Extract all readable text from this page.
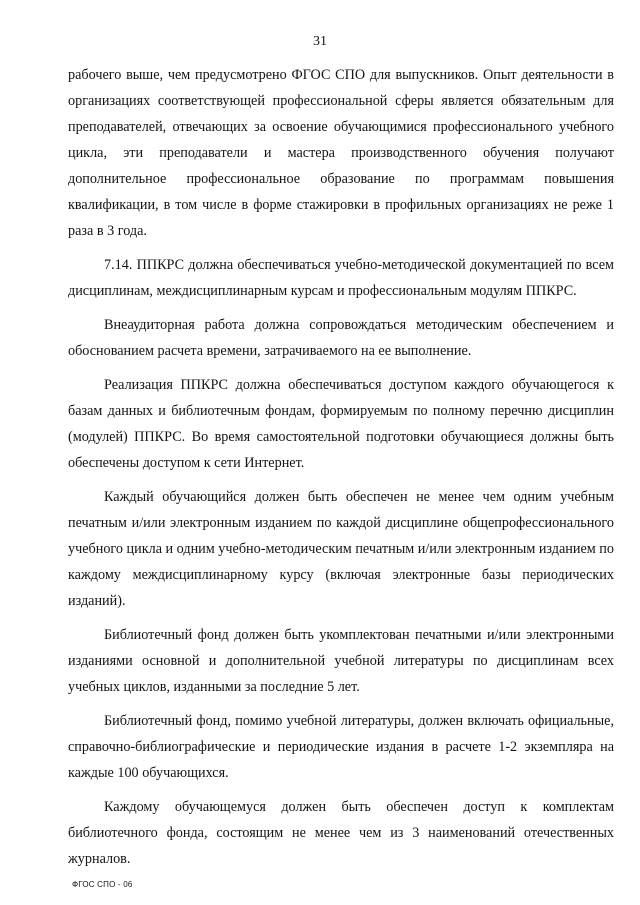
31

рабочего выше, чем предусмотрено ФГОС СПО для выпускников. Опыт деятельности в организациях соответствующей профессиональной сферы является обязательным для преподавателей, отвечающих за освоение обучающимися профессионального учебного цикла, эти преподаватели и мастера производственного обучения получают дополнительное профессиональное образование по программам повышения квалификации, в том числе в форме стажировки в профильных организациях не реже 1 раза в 3 года.

7.14. ППКРС должна обеспечиваться учебно-методической документацией по всем дисциплинам, междисциплинарным курсам и профессиональным модулям ППКРС.

Внеаудиторная работа должна сопровождаться методическим обеспечением и обоснованием расчета времени, затрачиваемого на ее выполнение.

Реализация ППКРС должна обеспечиваться доступом каждого обучающегося к базам данных и библиотечным фондам, формируемым по полному перечню дисциплин (модулей) ППКРС. Во время самостоятельной подготовки обучающиеся должны быть обеспечены доступом к сети Интернет.

Каждый обучающийся должен быть обеспечен не менее чем одним учебным печатным и/или электронным изданием по каждой дисциплине общепрофессионального учебного цикла и одним учебно-методическим печатным и/или электронным изданием по каждому междисциплинарному курсу (включая электронные базы периодических изданий).

Библиотечный фонд должен быть укомплектован печатными и/или электронными изданиями основной и дополнительной учебной литературы по дисциплинам всех учебных циклов, изданными за последние 5 лет.

Библиотечный фонд, помимо учебной литературы, должен включать официальные, справочно-библиографические и периодические издания в расчете 1-2 экземпляра на каждые 100 обучающихся.

Каждому обучающемуся должен быть обеспечен доступ к комплектам библиотечного фонда, состоящим не менее чем из 3 наименований отечественных журналов.

ФГОС СПО - 06
